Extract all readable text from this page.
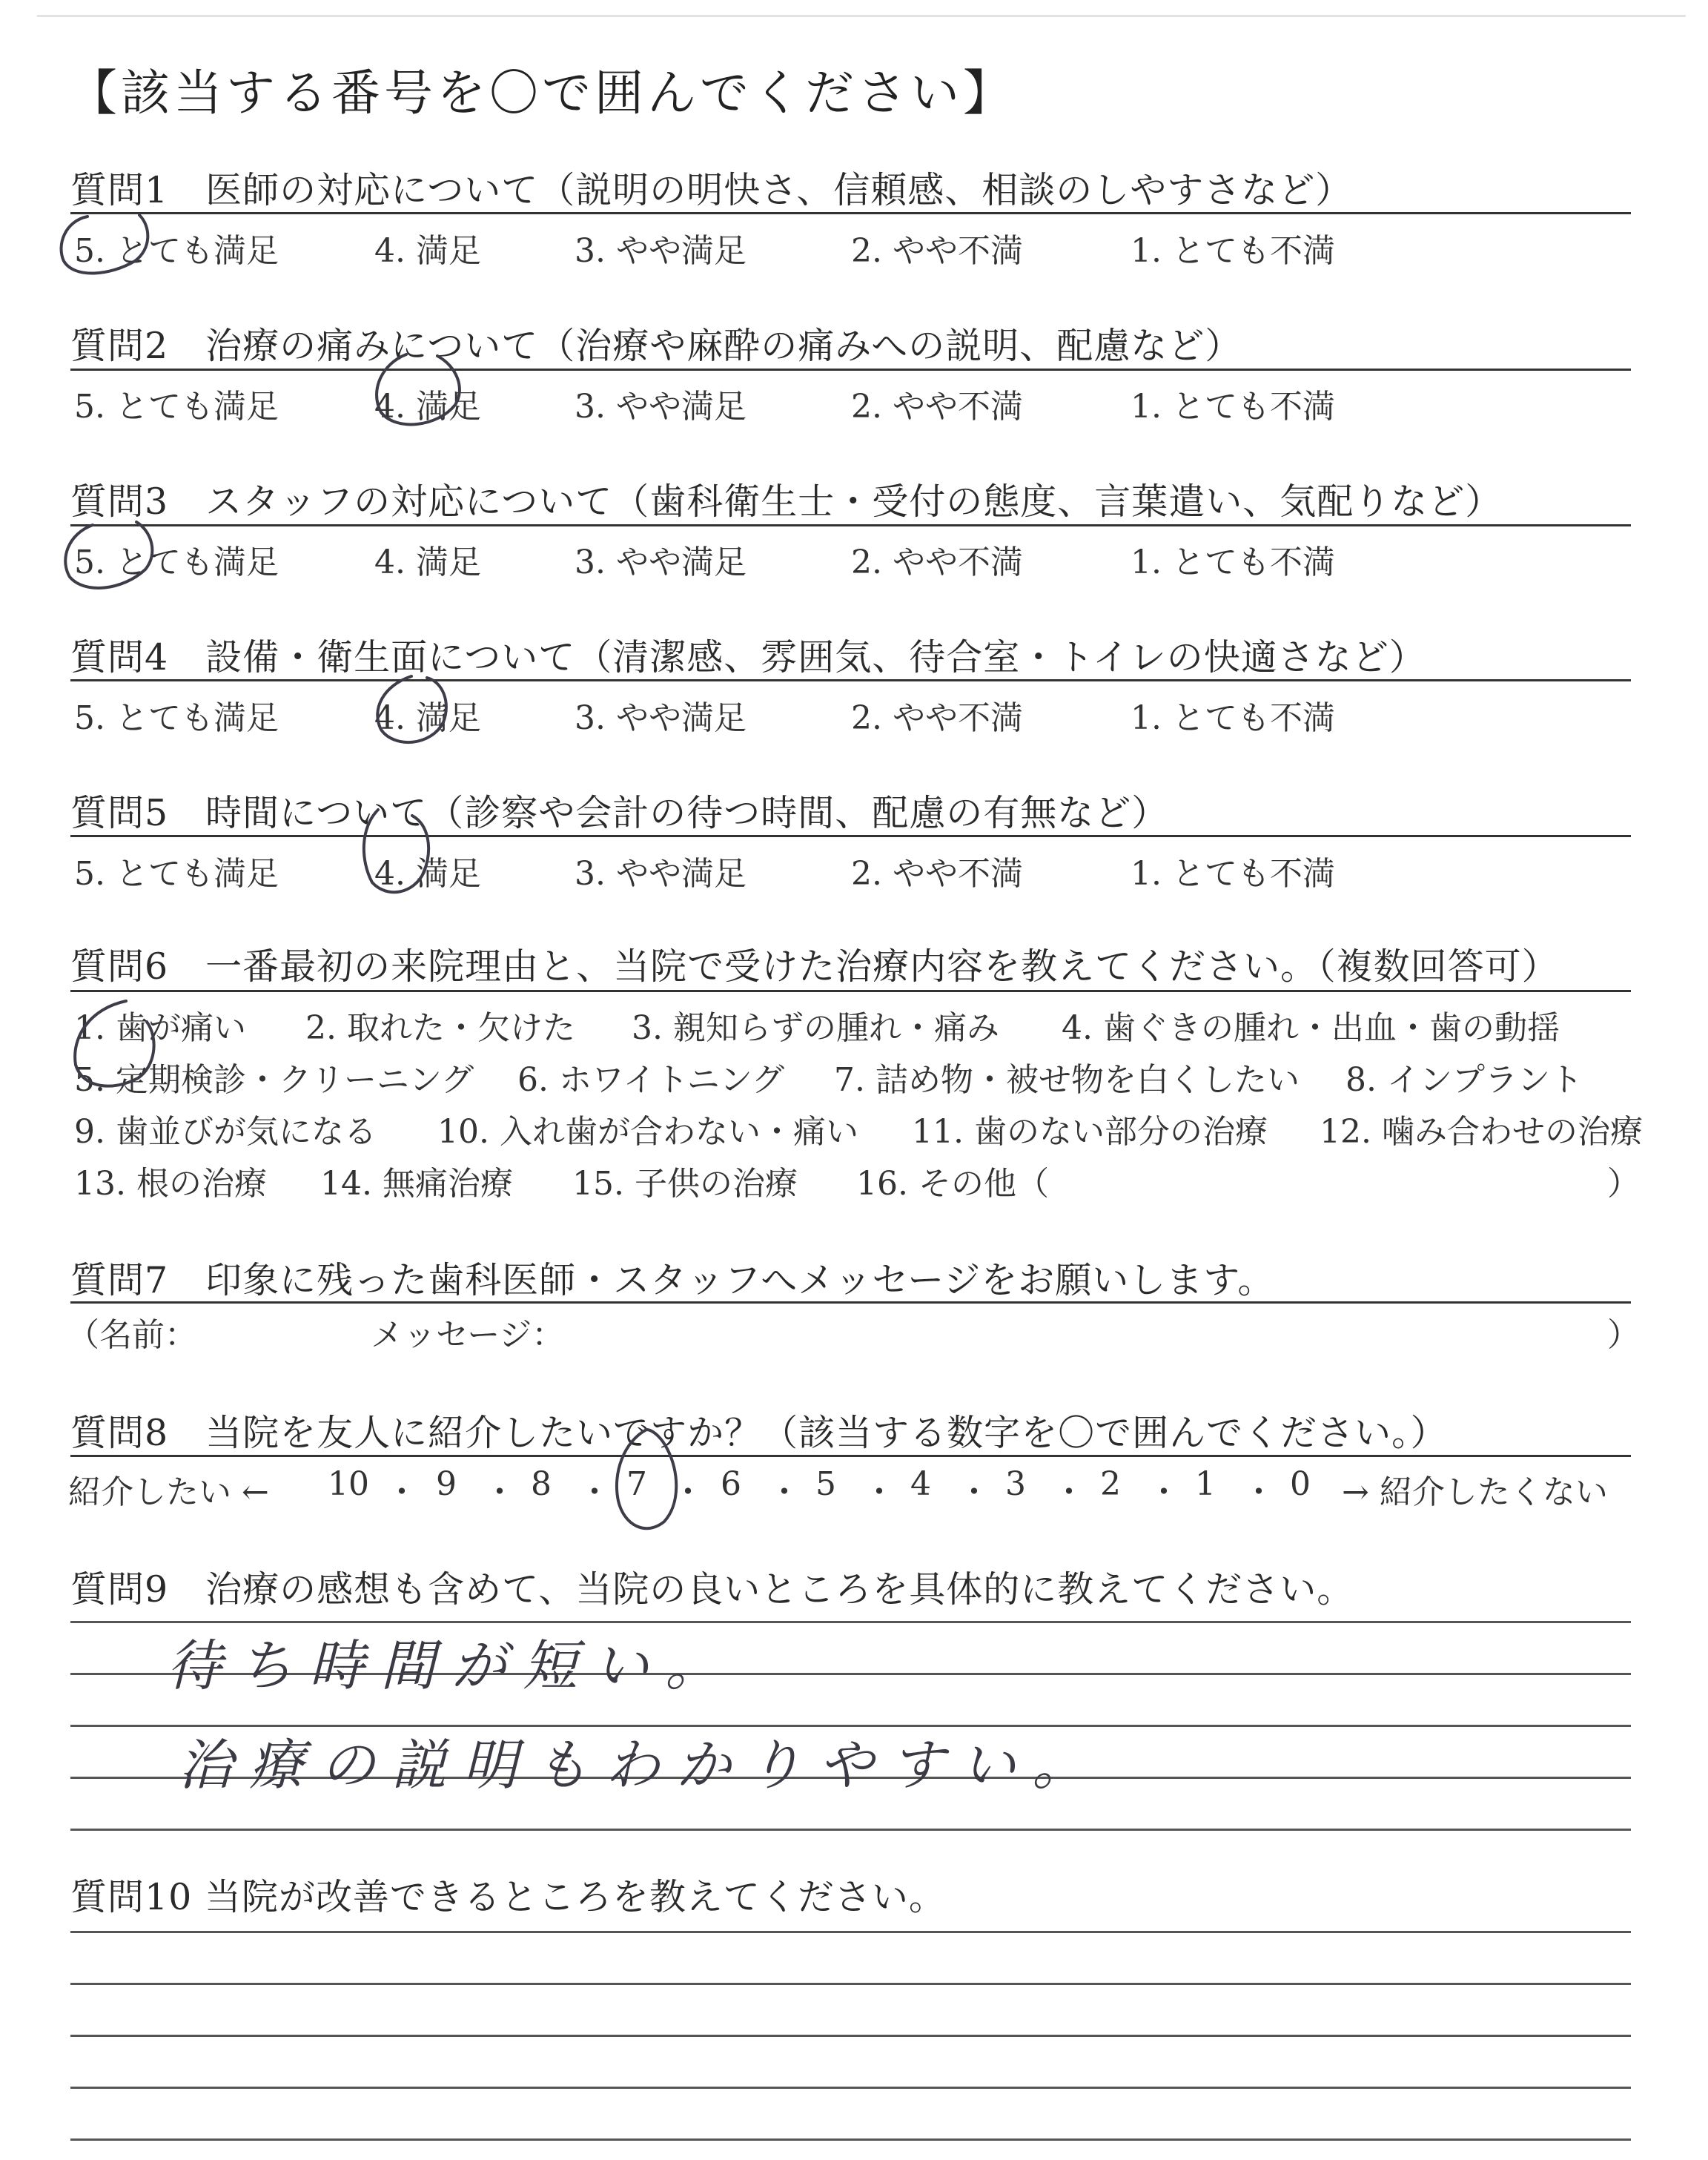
【該当する番号を〇で囲んでください】
質問1　医師の対応について（説明の明快さ、信頼感、相談のしやすさなど）
5. とても満足	4. 満足	3. やや満足	2. やや不満	1. とても不満
質問2　治療の痛みについて（治療や麻酔の痛みへの説明、配慮など）
5. とても満足	4. 満足	3. やや満足	2. やや不満	1. とても不満
質問3　スタッフの対応について（歯科衛生士・受付の態度、言葉遣い、気配りなど）
5. とても満足	4. 満足	3. やや満足	2. やや不満	1. とても不満
質問4　設備・衛生面について（清潔感、雰囲気、待合室・トイレの快適さなど）
5. とても満足	4. 満足	3. やや満足	2. やや不満	1. とても不満
質問5　時間について（診察や会計の待つ時間、配慮の有無など）
5. とても満足	4. 満足	3. やや満足	2. やや不満	1. とても不満
質問6　一番最初の来院理由と、当院で受けた治療内容を教えてください。（複数回答可）
1. 歯が痛い 2. 取れた・欠けた 3. 親知らずの腫れ・痛み 4. 歯ぐきの腫れ・出血・歯の動揺
5. 定期検診・クリーニング 6. ホワイトニング 7. 詰め物・被せ物を白くしたい 8. インプラント
9. 歯並びが気になる 10. 入れ歯が合わない・痛い 11. 歯のない部分の治療 12. 噛み合わせの治療
13. 根の治療 14. 無痛治療 15. 子供の治療 16. その他（	）
質問7　印象に残った歯科医師・スタッフへメッセージをお願いします。
（名前：	メッセージ：	）
質問8　当院を友人に紹介したいですか？（該当する数字を〇で囲んでください。）
紹介したい ← 10 ・ 9 ・ 8 ・ 7 ・ 6 ・ 5 ・ 4 ・ 3 ・ 2 ・ 1 ・ 0 → 紹介したくない
質問9　治療の感想も含めて、当院の良いところを具体的に教えてください。
待ち時間が短い。
治療の説明もわかりやすい。
質問10 当院が改善できるところを教えてください。
